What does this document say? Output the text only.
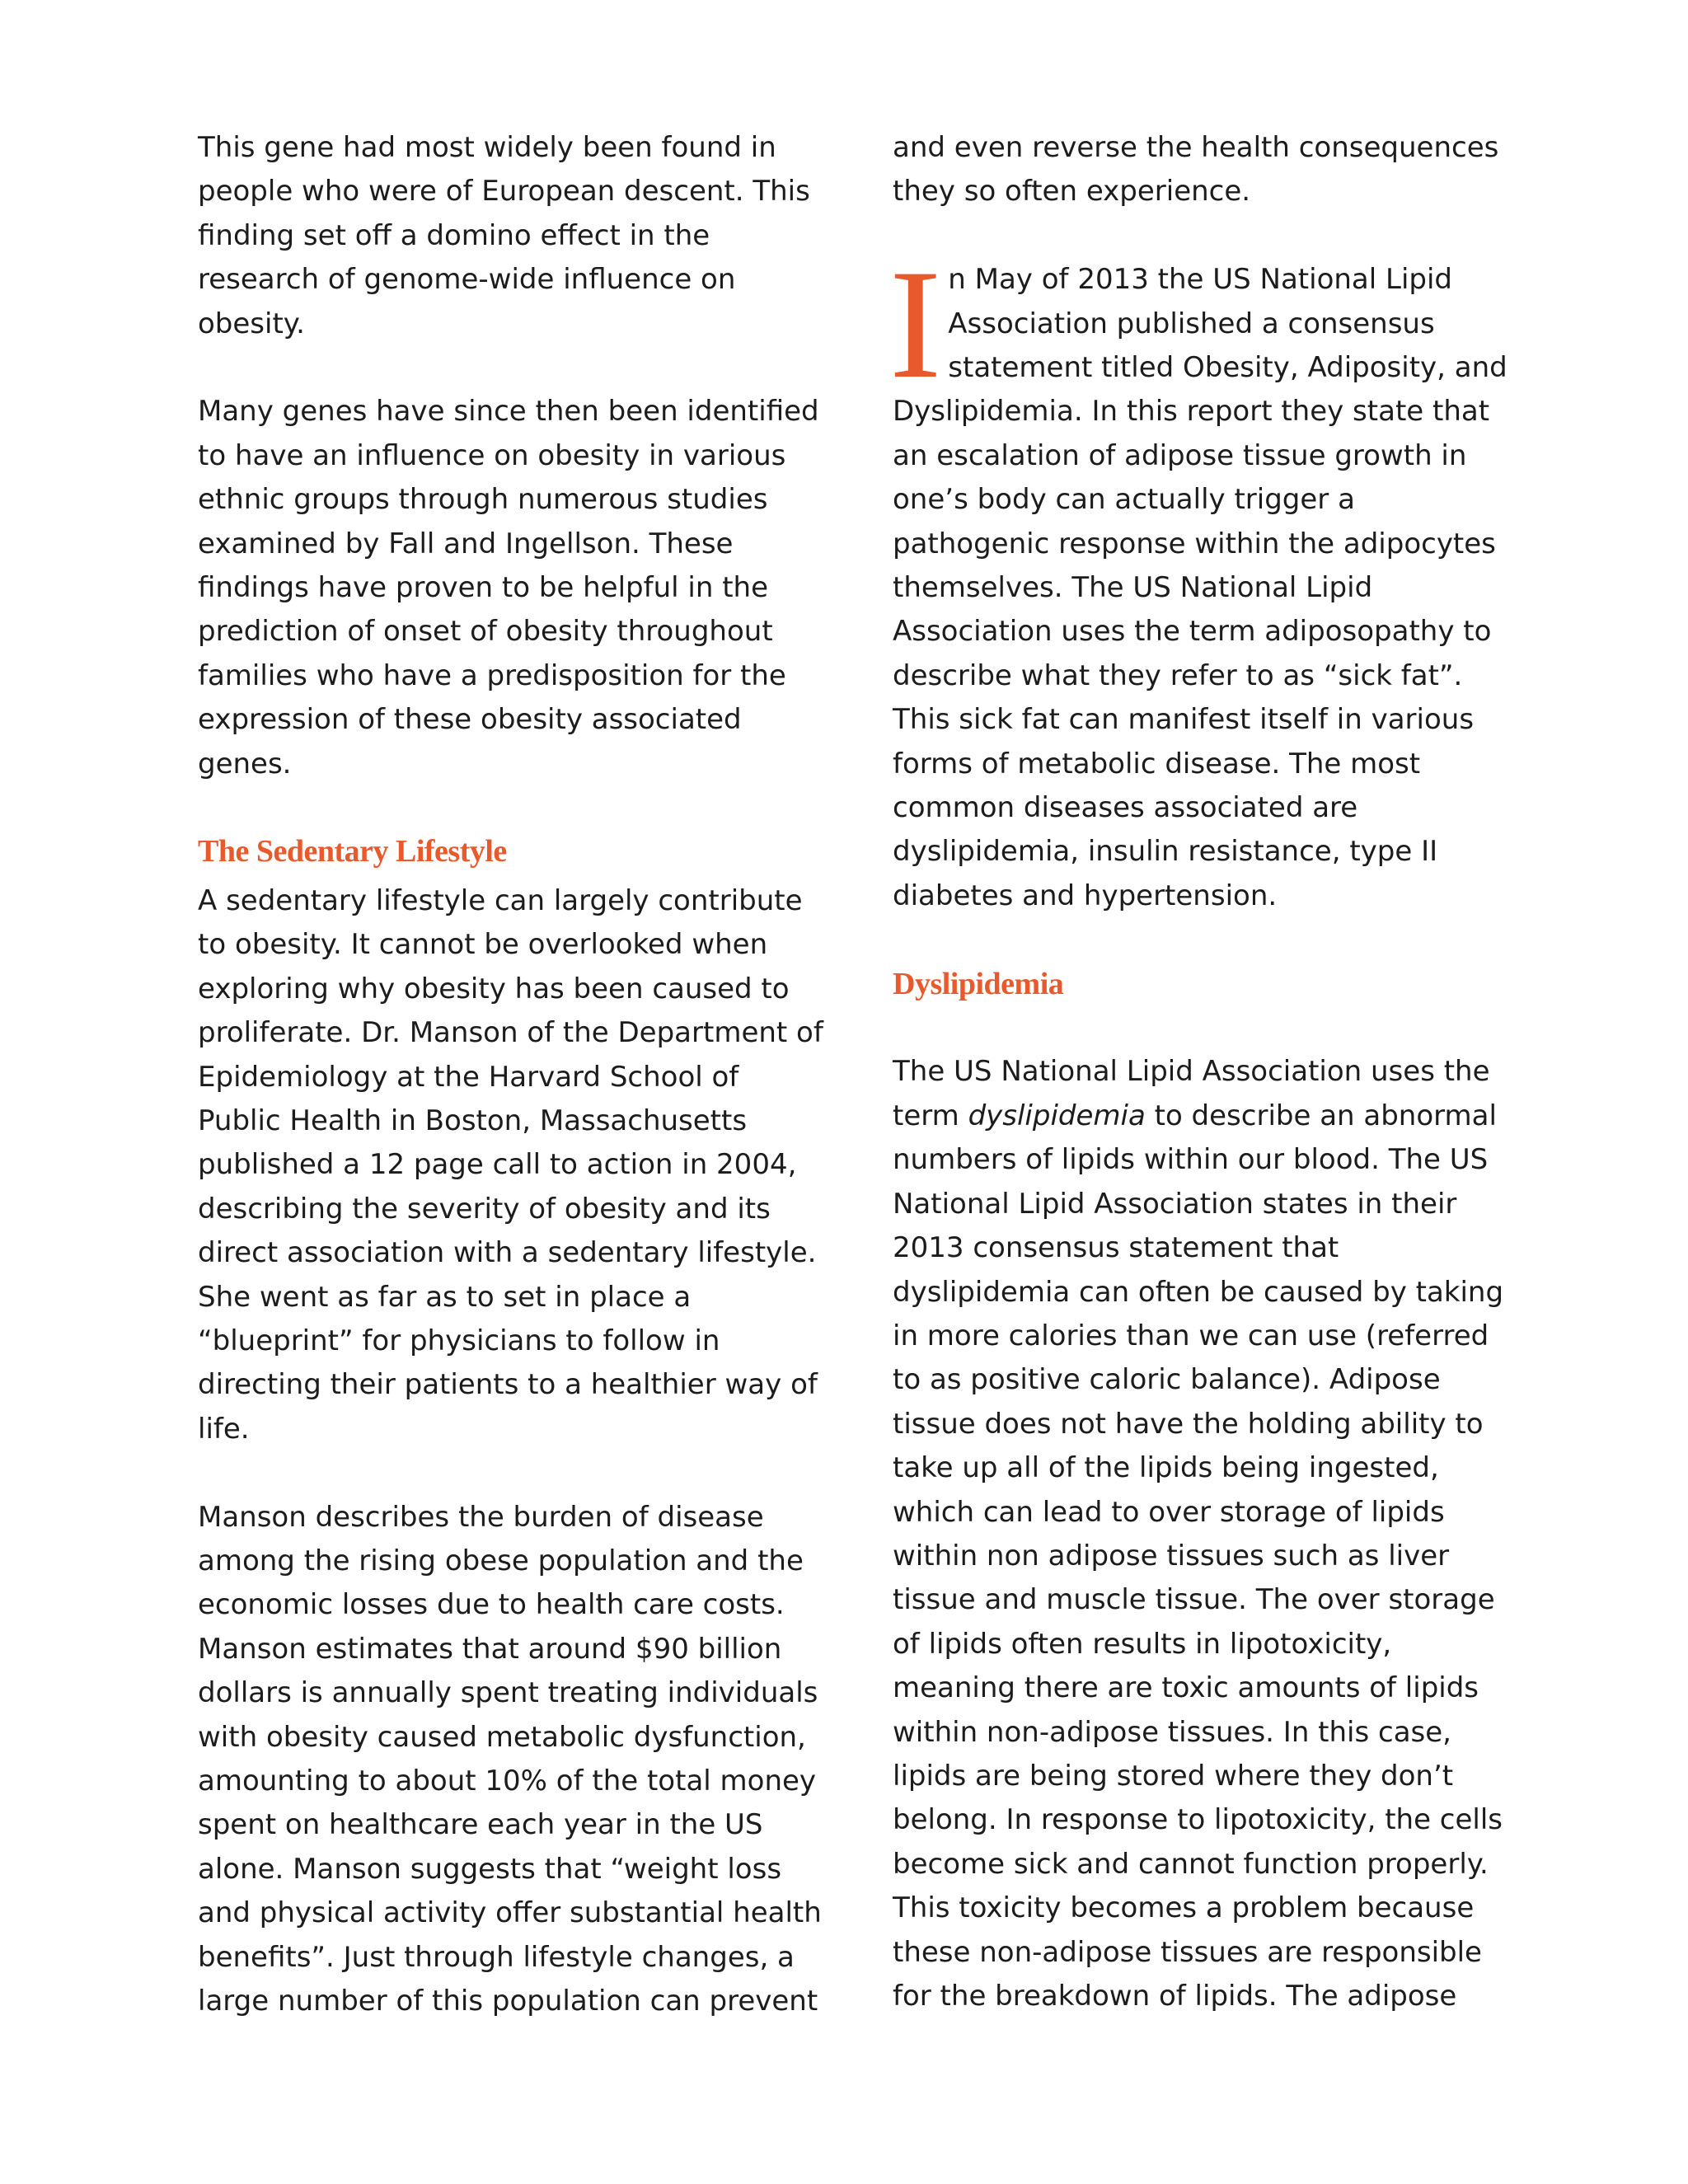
This gene had most widely been found in people who were of European descent. This finding set off a domino effect in the research of genome-wide influence on obesity.

Many genes have since then been identified to have an influence on obesity in various ethnic groups through numerous studies examined by Fall and Ingellson. These findings have proven to be helpful in the prediction of onset of obesity throughout families who have a predisposition for the expression of these obesity associated genes.

The Sedentary Lifestyle

A sedentary lifestyle can largely contribute to obesity. It cannot be overlooked when exploring why obesity has been caused to proliferate. Dr. Manson of the Department of Epidemiology at the Harvard School of Public Health in Boston, Massachusetts published a 12 page call to action in 2004, describing the severity of obesity and its direct association with a sedentary lifestyle. She went as far as to set in place a “blueprint” for physicians to follow in directing their patients to a healthier way of life.

Manson describes the burden of disease among the rising obese population and the economic losses due to health care costs. Manson estimates that around $90 billion dollars is annually spent treating individuals with obesity caused metabolic dysfunction, amounting to about 10% of the total money spent on healthcare each year in the US alone. Manson suggests that “weight loss and physical activity offer substantial health benefits”. Just through lifestyle changes, a large number of this population can prevent

and even reverse the health consequences they so often experience.

In May of 2013 the US National Lipid Association published a consensus statement titled Obesity, Adiposity, and Dyslipidemia. In this report they state that an escalation of adipose tissue growth in one’s body can actually trigger a pathogenic response within the adipocytes themselves. The US National Lipid Association uses the term adiposopathy to describe what they refer to as “sick fat”. This sick fat can manifest itself in various forms of metabolic disease. The most common diseases associated are dyslipidemia, insulin resistance, type II diabetes and hypertension.

Dyslipidemia

The US National Lipid Association uses the term dyslipidemia to describe an abnormal numbers of lipids within our blood. The US National Lipid Association states in their 2013 consensus statement that dyslipidemia can often be caused by taking in more calories than we can use (referred to as positive caloric balance). Adipose tissue does not have the holding ability to take up all of the lipids being ingested, which can lead to over storage of lipids within non adipose tissues such as liver tissue and muscle tissue. The over storage of lipids often results in lipotoxicity, meaning there are toxic amounts of lipids within non-adipose tissues. In this case, lipids are being stored where they don’t belong. In response to lipotoxicity, the cells become sick and cannot function properly. This toxicity becomes a problem because these non-adipose tissues are responsible for the breakdown of lipids. The adipose
